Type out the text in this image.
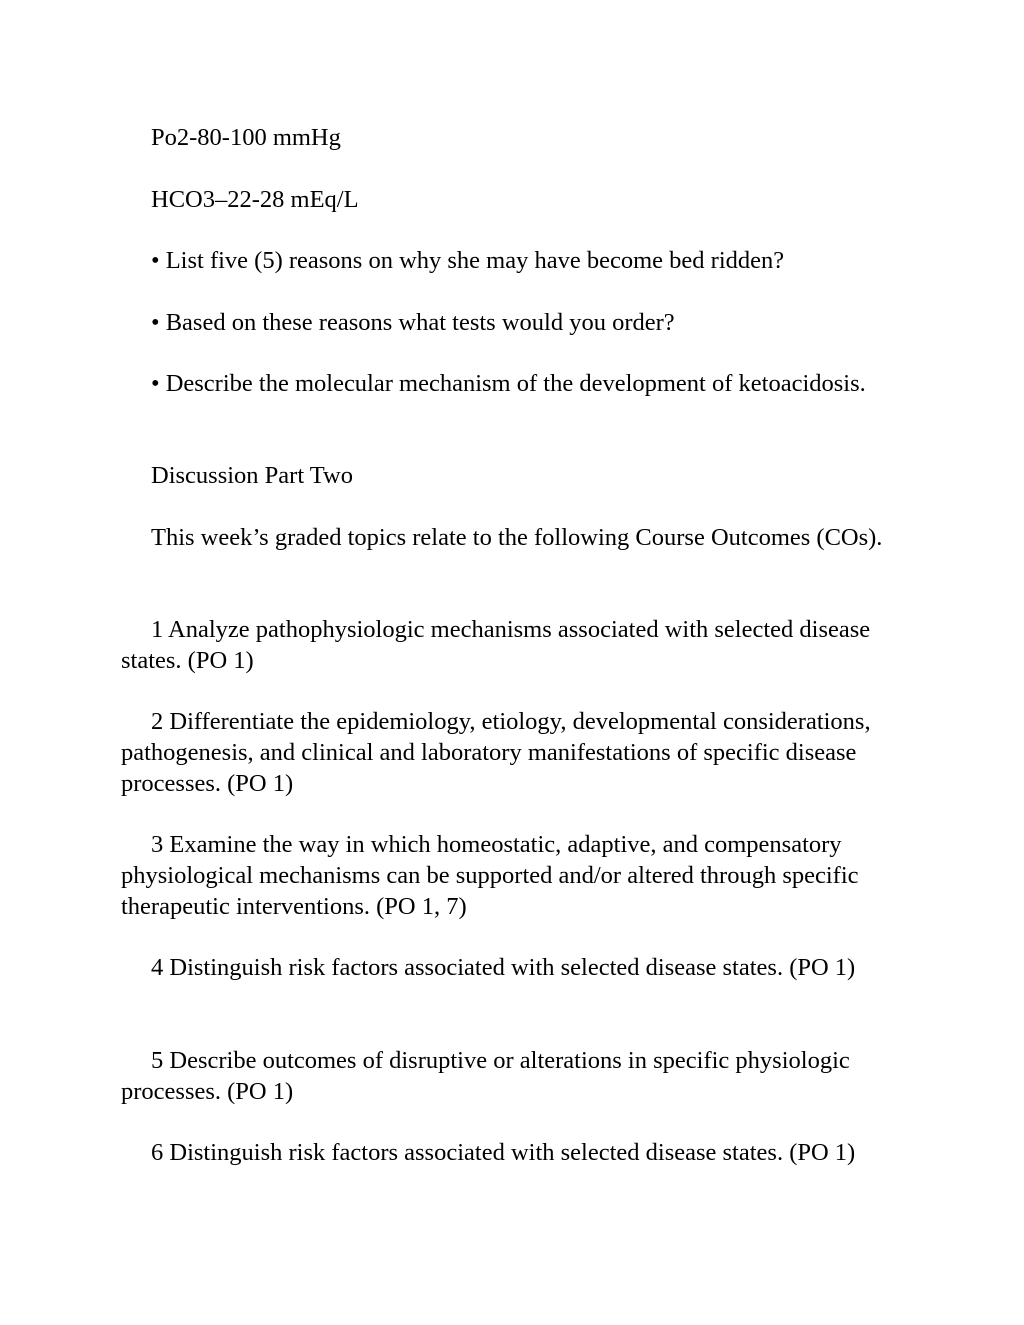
Po2-80-100 mmHg

HCO3–22-28 mEq/L

• List five (5) reasons on why she may have become bed ridden?

• Based on these reasons what tests would you order?

• Describe the molecular mechanism of the development of ketoacidosis.

Discussion Part Two

This week’s graded topics relate to the following Course Outcomes (COs).

1 Analyze pathophysiologic mechanisms associated with selected disease states. (PO 1)

2 Differentiate the epidemiology, etiology, developmental considerations, pathogenesis, and clinical and laboratory manifestations of specific disease processes. (PO 1)

3 Examine the way in which homeostatic, adaptive, and compensatory physiological mechanisms can be supported and/or altered through specific therapeutic interventions. (PO 1, 7)

4 Distinguish risk factors associated with selected disease states. (PO 1)

5 Describe outcomes of disruptive or alterations in specific physiologic processes. (PO 1)

6 Distinguish risk factors associated with selected disease states. (PO 1)
